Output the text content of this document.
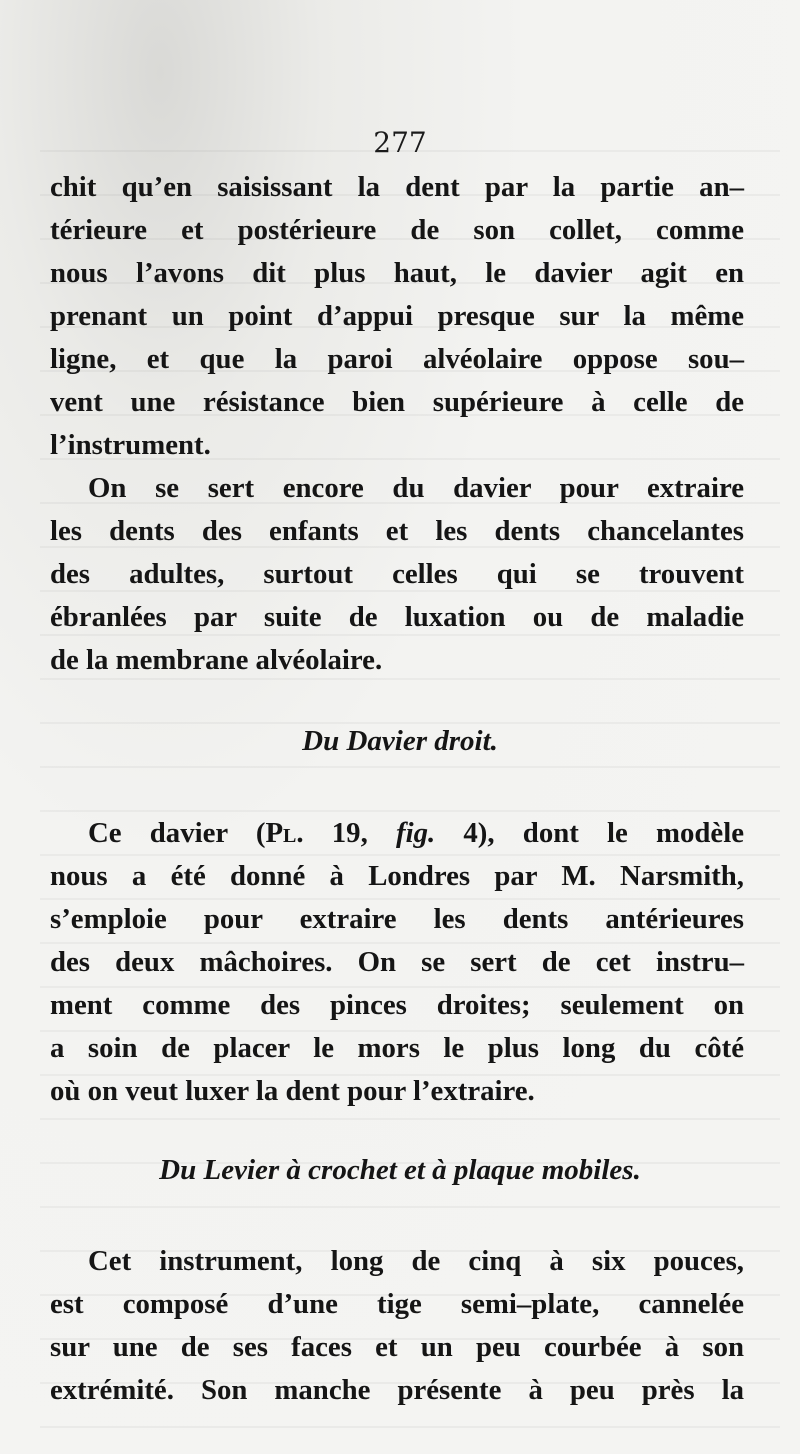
277
chit qu’en saisissant la dent par la partie an–
térieure et postérieure de son collet, comme
nous l’avons dit plus haut, le davier agit en
prenant un point d’appui presque sur la même
ligne, et que la paroi alvéolaire oppose sou–
vent une résistance bien supérieure à celle de
l’instrument.
On se sert encore du davier pour extraire
les dents des enfants et les dents chancelantes
des adultes, surtout celles qui se trouvent
ébranlées par suite de luxation ou de maladie
de la membrane alvéolaire.
Du Davier droit.
Ce davier (Pl. 19, fig. 4), dont le modèle
nous a été donné à Londres par M. Narsmith,
s’emploie pour extraire les dents antérieures
des deux mâchoires. On se sert de cet instru–
ment comme des pinces droites; seulement on
a soin de placer le mors le plus long du côté
où on veut luxer la dent pour l’extraire.
Du Levier à crochet et à plaque mobiles.
Cet instrument, long de cinq à six pouces,
est composé d’une tige semi–plate, cannelée
sur une de ses faces et un peu courbée à son
extrémité. Son manche présente à peu près la
